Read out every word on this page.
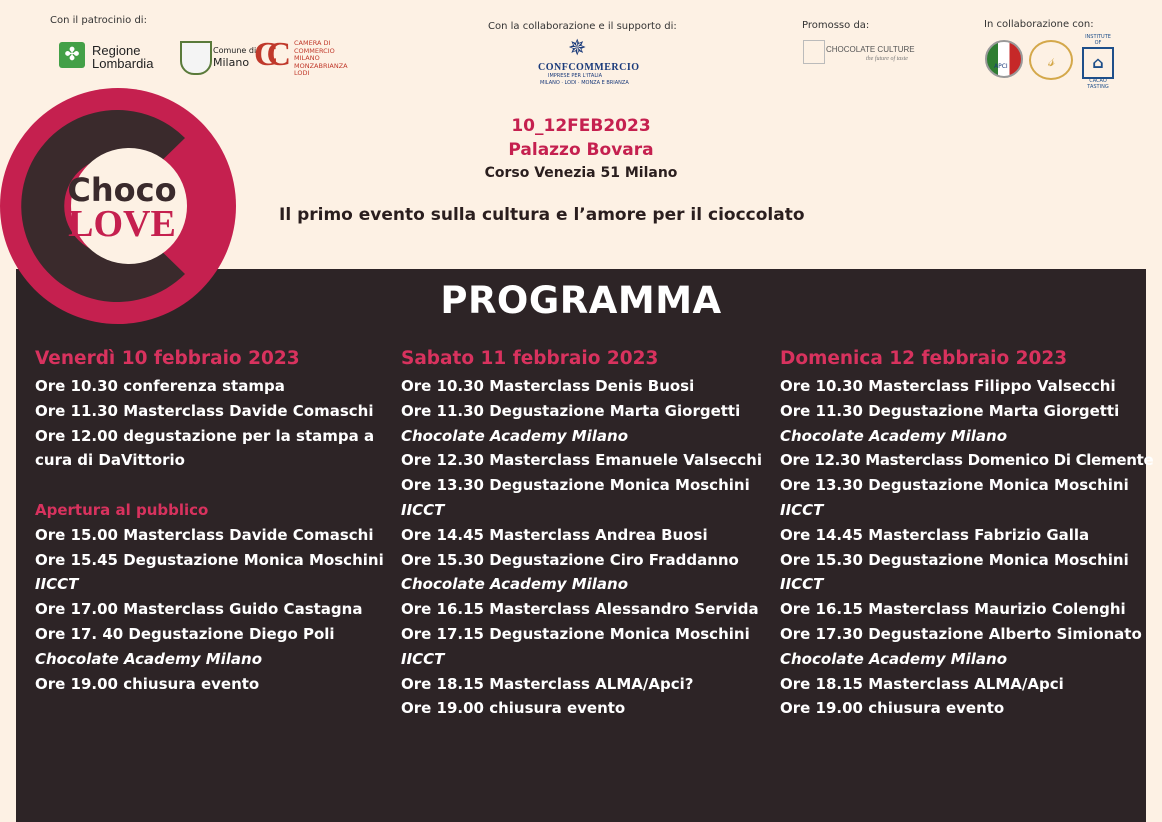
Con il patrocinio di:
✤ Regione
Lombardia
Comune di
Milano CC CAMERA DI
COMMERCIO
MILANO
MONZABRIANZA
LODI
Con la collaborazione e il supporto di:
✵
CONFCOMMERCIO
IMPRESE PER L'ITALIA
MILANO · LODI · MONZA E BRIANZA
Promosso da:
CHOCOLATE CULTURE
the future of taste
In collaborazione con:
APCI	𝓈
INSTITUTE
OF
⌂
CACAO
TASTING
10_12FEB2023
Palazzo Bovara
Corso Venezia 51 Milano
Il primo evento sulla cultura e l’amore per il cioccolato
Choco
LOVE
PROGRAMMA
Venerdì 10 febbraio 2023
Ore 10.30 conferenza stampa
Ore 11.30 Masterclass Davide Comaschi
Ore 12.00 degustazione per la stampa a
cura di DaVittorio
Apertura al pubblico
Ore 15.00 Masterclass Davide Comaschi
Ore 15.45 Degustazione Monica Moschini
IICCT
Ore 17.00 Masterclass Guido Castagna
Ore 17. 40 Degustazione Diego Poli
Chocolate Academy Milano
Ore 19.00 chiusura evento
Sabato 11 febbraio 2023
Ore 10.30 Masterclass Denis Buosi
Ore 11.30 Degustazione Marta Giorgetti
Chocolate Academy Milano
Ore 12.30 Masterclass Emanuele Valsecchi
Ore 13.30 Degustazione Monica Moschini
IICCT
Ore 14.45 Masterclass Andrea Buosi
Ore 15.30 Degustazione Ciro Fraddanno
Chocolate Academy Milano
Ore 16.15 Masterclass Alessandro Servida
Ore 17.15 Degustazione Monica Moschini
IICCT
Ore 18.15 Masterclass ALMA/Apci?
Ore 19.00 chiusura evento
Domenica 12 febbraio 2023
Ore 10.30 Masterclass Filippo Valsecchi
Ore 11.30 Degustazione Marta Giorgetti
Chocolate Academy Milano
Ore 12.30 Masterclass Domenico Di Clemente
Ore 13.30 Degustazione Monica Moschini
IICCT
Ore 14.45 Masterclass Fabrizio Galla
Ore 15.30 Degustazione Monica Moschini
IICCT
Ore 16.15 Masterclass Maurizio Colenghi
Ore 17.30 Degustazione Alberto Simionato
Chocolate Academy Milano
Ore 18.15 Masterclass ALMA/Apci
Ore 19.00 chiusura evento
